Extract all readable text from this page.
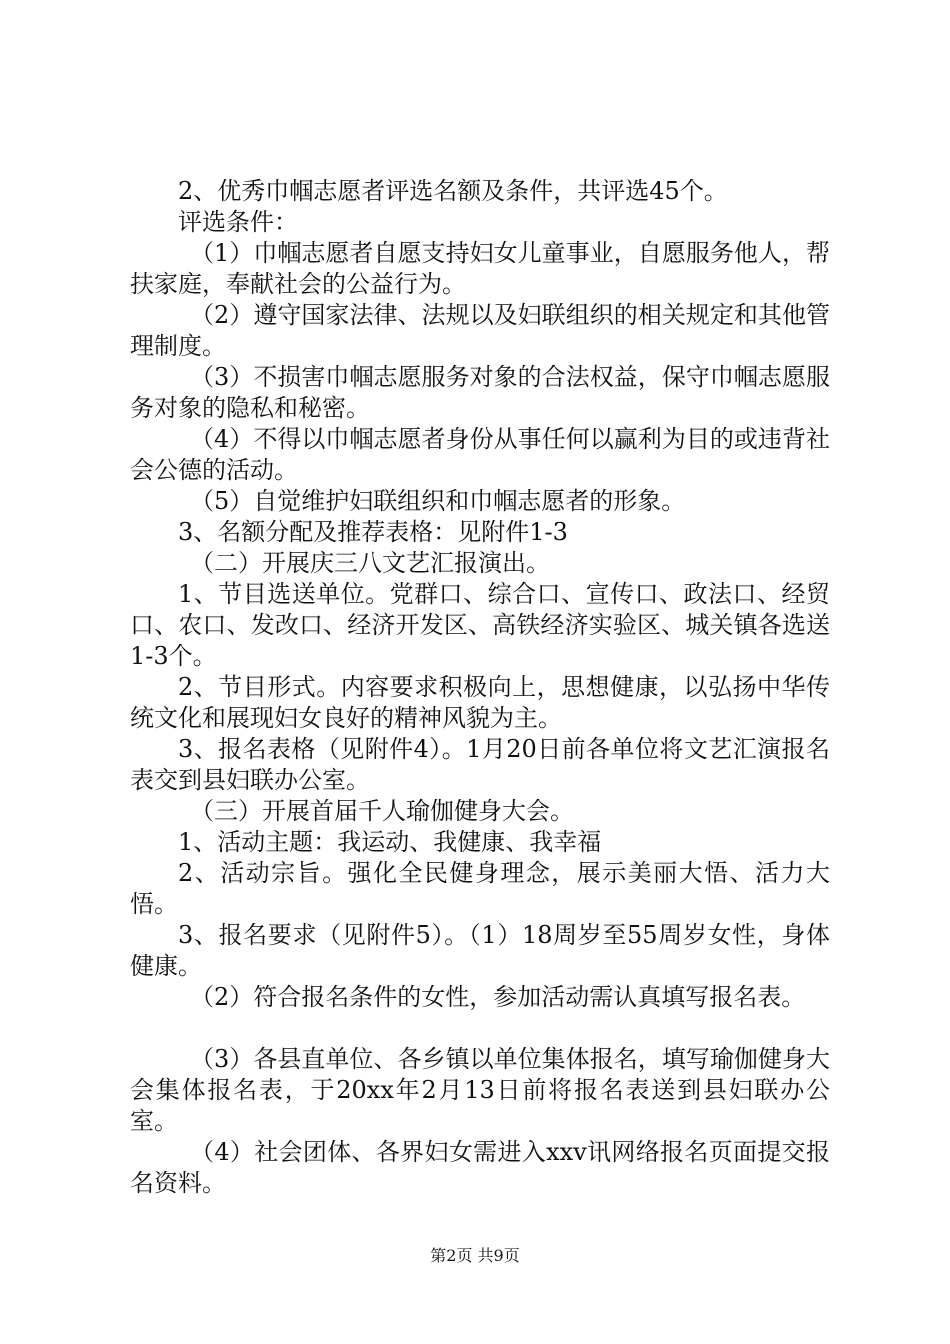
2、优秀巾帼志愿者评选名额及条件，共评选45个。

评选条件：

（1）巾帼志愿者自愿支持妇女儿童事业，自愿服务他人，帮扶家庭，奉献社会的公益行为。

（2）遵守国家法律、法规以及妇联组织的相关规定和其他管理制度。

（3）不损害巾帼志愿服务对象的合法权益，保守巾帼志愿服务对象的隐私和秘密。

（4）不得以巾帼志愿者身份从事任何以赢利为目的或违背社会公德的活动。

（5）自觉维护妇联组织和巾帼志愿者的形象。

3、名额分配及推荐表格：见附件1-3

（二）开展庆三八文艺汇报演出。

1、节目选送单位。党群口、综合口、宣传口、政法口、经贸口、农口、发改口、经济开发区、高铁经济实验区、城关镇各选送1-3个。

2、节目形式。内容要求积极向上，思想健康，以弘扬中华传统文化和展现妇女良好的精神风貌为主。

3、报名表格（见附件4）。1月20日前各单位将文艺汇演报名表交到县妇联办公室。

（三）开展首届千人瑜伽健身大会。

1、活动主题：我运动、我健康、我幸福

2、活动宗旨。强化全民健身理念，展示美丽大悟、活力大悟。

3、报名要求（见附件5）。（1）18周岁至55周岁女性，身体健康。

（2）符合报名条件的女性，参加活动需认真填写报名表。

（3）各县直单位、各乡镇以单位集体报名，填写瑜伽健身大会集体报名表，于20xx年2月13日前将报名表送到县妇联办公室。

（4）社会团体、各界妇女需进入xxv讯网络报名页面提交报名资料。

第2页 共9页
